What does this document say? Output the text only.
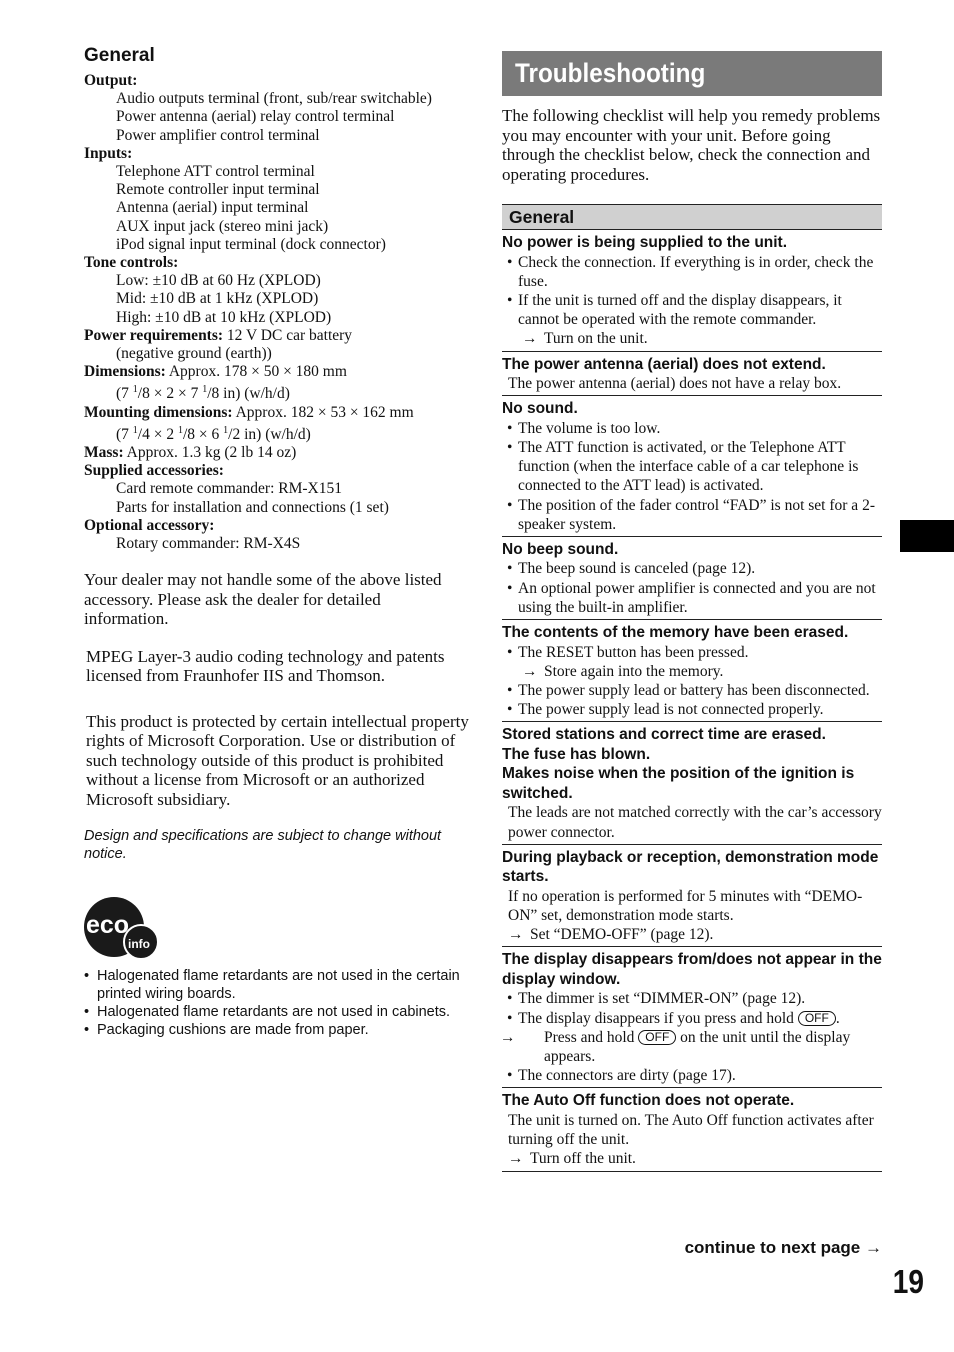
General
Output:
Audio outputs terminal (front, sub/rear switchable)
Power antenna (aerial) relay control terminal
Power amplifier control terminal
Inputs:
Telephone ATT control terminal
Remote controller input terminal
Antenna (aerial) input terminal
AUX input jack (stereo mini jack)
iPod signal input terminal (dock connector)
Tone controls:
Low: ±10 dB at 60 Hz (XPLOD)
Mid: ±10 dB at 1 kHz (XPLOD)
High: ±10 dB at 10 kHz (XPLOD)
Power requirements: 12 V DC car battery
(negative ground (earth))
Dimensions: Approx. 178 × 50 × 180 mm
(7 $^1$/8 × 2 × 7 $^1$/8 in) (w/h/d)
Mounting dimensions: Approx. 182 × 53 × 162 mm
(7 $^1$/4 × 2 $^1$/8 × 6 $^1$/2 in) (w/h/d)
Mass: Approx. 1.3 kg (2 lb 14 oz)
Supplied accessories:
Card remote commander: RM-X151
Parts for installation and connections (1 set)
Optional accessory:
Rotary commander: RM-X4S
Your dealer may not handle some of the above listed accessory. Please ask the dealer for detailed information.
MPEG Layer-3 audio coding technology and patents licensed from Fraunhofer IIS and Thomson.
This product is protected by certain intellectual property rights of Microsoft Corporation. Use or distribution of such technology outside of this product is prohibited without a license from Microsoft or an authorized Microsoft subsidiary.
Design and specifications are subject to change without notice.
eco
info
• Halogenated flame retardants are not used in the certain printed wiring boards.
• Halogenated flame retardants are not used in cabinets.
• Packaging cushions are made from paper.
Troubleshooting
The following checklist will help you remedy problems you may encounter with your unit. Before going through the checklist below, check the connection and operating procedures.
General
No power is being supplied to the unit.
• Check the connection. If everything is in order, check the fuse.
• If the unit is turned off and the display disappears, it cannot be operated with the remote commander.
→ Turn on the unit.
The power antenna (aerial) does not extend.
The power antenna (aerial) does not have a relay box.
No sound.
• The volume is too low.
• The ATT function is activated, or the Telephone ATT function (when the interface cable of a car telephone is connected to the ATT lead) is activated.
• The position of the fader control “FAD” is not set for a 2-speaker system.
No beep sound.
• The beep sound is canceled (page 12).
• An optional power amplifier is connected and you are not using the built-in amplifier.
The contents of the memory have been erased.
• The RESET button has been pressed.
→ Store again into the memory.
• The power supply lead or battery has been disconnected.
• The power supply lead is not connected properly.
Stored stations and correct time are erased.
The fuse has blown.
Makes noise when the position of the ignition is switched.
The leads are not matched correctly with the car’s accessory power connector.
During playback or reception, demonstration mode starts.
If no operation is performed for 5 minutes with “DEMO-ON” set, demonstration mode starts.
→ Set “DEMO-OFF” (page 12).
The display disappears from/does not appear in the display window.
• The dimmer is set “DIMMER-ON” (page 12).
• The display disappears if you press and hold OFF .
→ Press and hold OFF on the unit until the display appears.
• The connectors are dirty (page 17).
The Auto Off function does not operate.
The unit is turned on. The Auto Off function activates after turning off the unit.
→ Turn off the unit.
continue to next page →
19
